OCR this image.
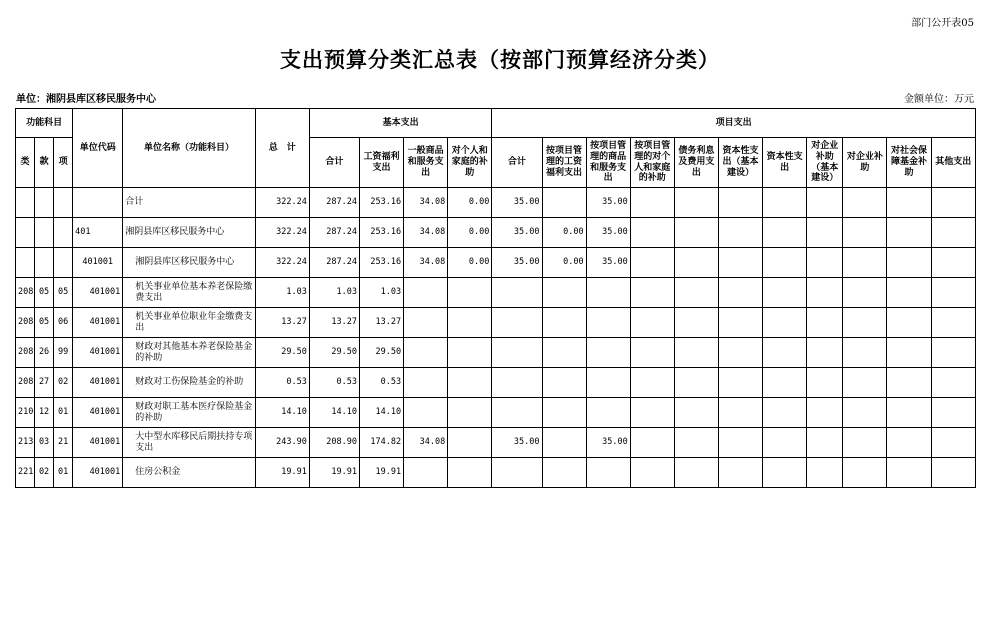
部门公开表05
支出预算分类汇总表（按部门预算经济分类）
单位：湘阴县库区移民服务中心	金额单位：万元
功能科目			单位代码	单位名称（功能科目）	总　计	基本支出				项目支出										
类	款	项				合计	工资福利支出	一般商品和服务支出	对个人和家庭的补助	合计	按项目管理的工资福利支出	按项目管理的商品和服务支出	按项目管理的对个人和家庭的补助	债务利息及费用支出	资本性支出（基本建设）	资本性支出	对企业补助（基本建设）	对企业补助	对社会保障基金补助	其他支出
				合计	322.24	287.24	253.16	34.08	0.00	35.00		35.00								
			401	湘阴县库区移民服务中心	322.24	287.24	253.16	34.08	0.00	35.00	0.00	35.00								
			401001	湘阴县库区移民服务中心	322.24	287.24	253.16	34.08	0.00	35.00	0.00	35.00								
208	05	05	401001	机关事业单位基本养老保险缴费支出	1.03	1.03	1.03													
208	05	06	401001	机关事业单位职业年金缴费支出	13.27	13.27	13.27													
208	26	99	401001	财政对其他基本养老保险基金的补助	29.50	29.50	29.50													
208	27	02	401001	财政对工伤保险基金的补助	0.53	0.53	0.53													
210	12	01	401001	财政对职工基本医疗保险基金的补助	14.10	14.10	14.10													
213	03	21	401001	大中型水库移民后期扶持专项支出	243.90	208.90	174.82	34.08		35.00		35.00								
221	02	01	401001	住房公积金	19.91	19.91	19.91													
